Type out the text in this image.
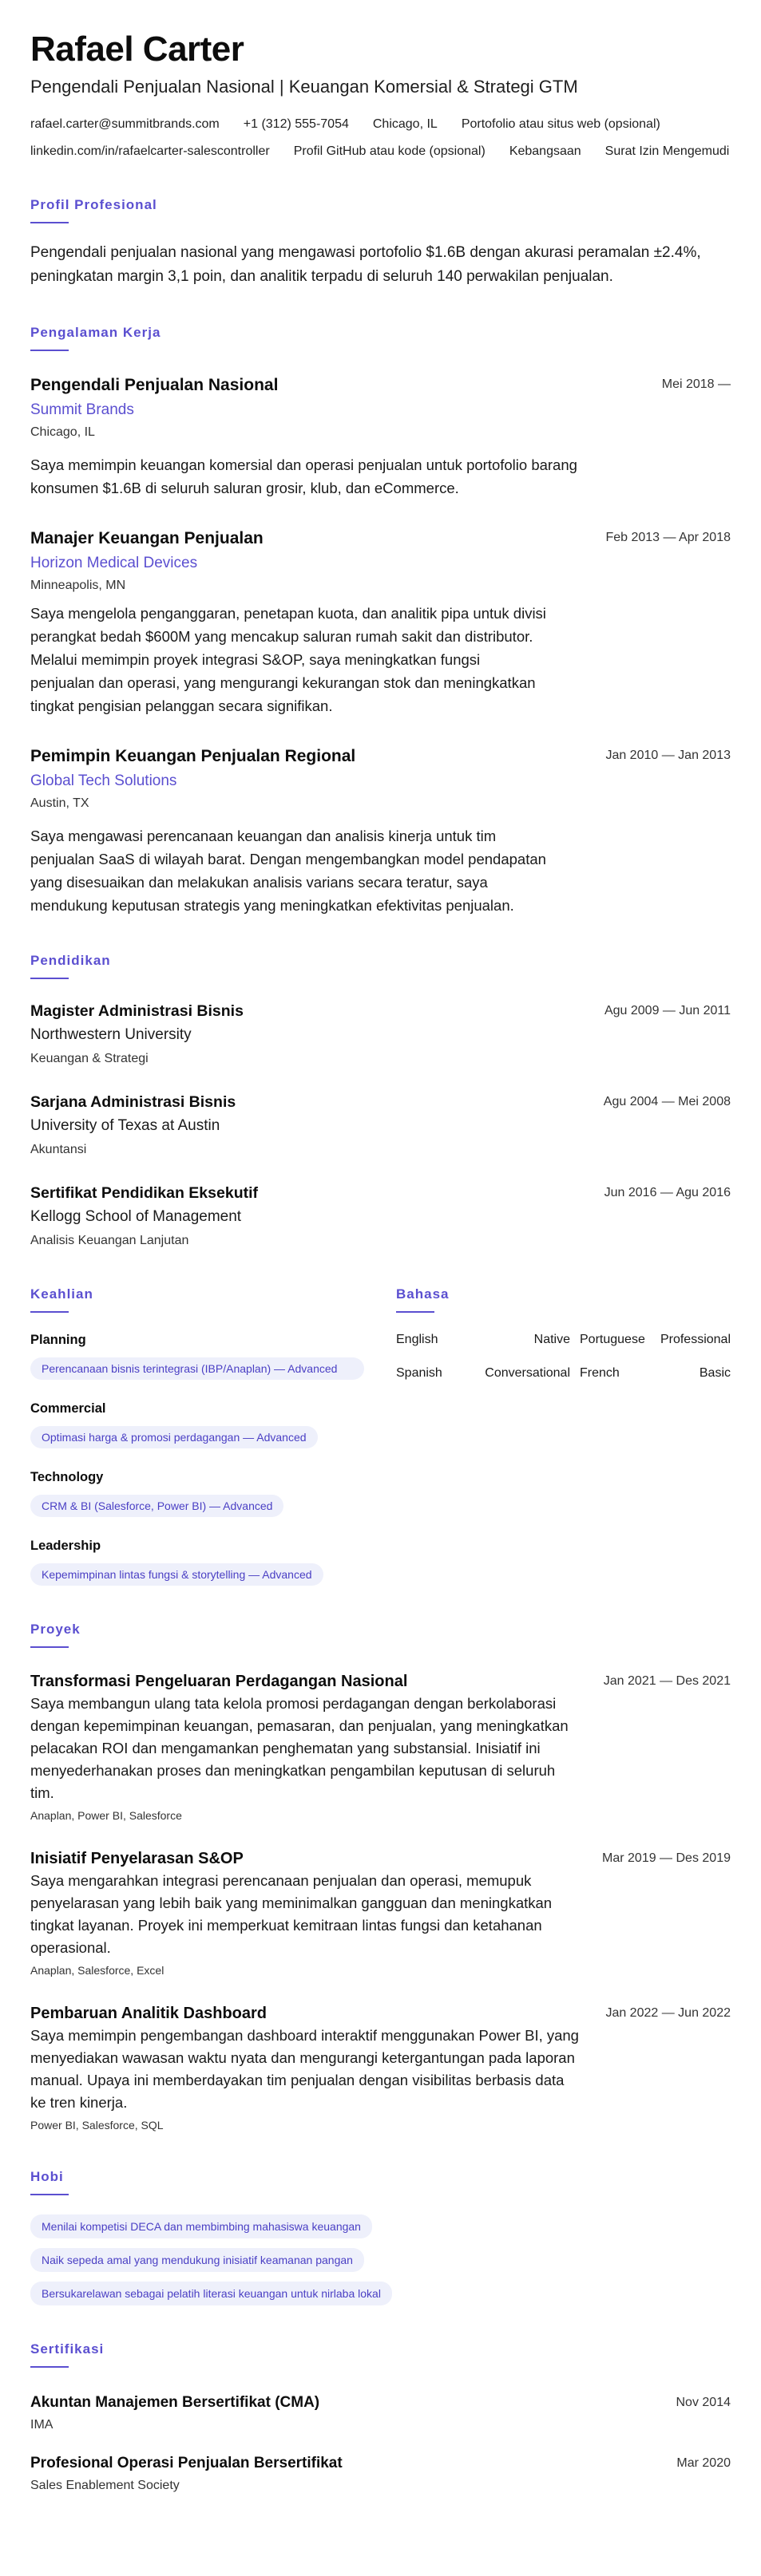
Rafael Carter
Pengendali Penjualan Nasional | Keuangan Komersial & Strategi GTM
rafael.carter@summitbrands.com +1 (312) 555-7054 Chicago, IL Portofolio atau situs web (opsional)
linkedin.com/in/rafaelcarter-salescontroller Profil GitHub atau kode (opsional) Kebangsaan Surat Izin Mengemudi
Profil Profesional

Pengendali penjualan nasional yang mengawasi portofolio $1.6B dengan akurasi peramalan ±2.4%, peningkatan margin 3,1 poin, dan analitik terpadu di seluruh 140 perwakilan penjualan.

Pengalaman Kerja
Pengendali Penjualan Nasional	Mei 2018 —
Summit Brands
Chicago, IL

Saya memimpin keuangan komersial dan operasi penjualan untuk portofolio barang konsumen $1.6B di seluruh saluran grosir, klub, dan eCommerce.

Manajer Keuangan Penjualan	Feb 2013 — Apr 2018
Horizon Medical Devices
Minneapolis, MN

Saya mengelola penganggaran, penetapan kuota, dan analitik pipa untuk divisi perangkat bedah $600M yang mencakup saluran rumah sakit dan distributor. Melalui memimpin proyek integrasi S&OP, saya meningkatkan fungsi penjualan dan operasi, yang mengurangi kekurangan stok dan meningkatkan tingkat pengisian pelanggan secara signifikan.

Pemimpin Keuangan Penjualan Regional	Jan 2010 — Jan 2013
Global Tech Solutions
Austin, TX

Saya mengawasi perencanaan keuangan dan analisis kinerja untuk tim penjualan SaaS di wilayah barat. Dengan mengembangkan model pendapatan yang disesuaikan dan melakukan analisis varians secara teratur, saya mendukung keputusan strategis yang meningkatkan efektivitas penjualan.

Pendidikan
Magister Administrasi Bisnis	Agu 2009 — Jun 2011
Northwestern University
Keuangan & Strategi
Sarjana Administrasi Bisnis	Agu 2004 — Mei 2008
University of Texas at Austin
Akuntansi
Sertifikat Pendidikan Eksekutif	Jun 2016 — Agu 2016
Kellogg School of Management
Analisis Keuangan Lanjutan
Keahlian
Planning
Perencanaan bisnis terintegrasi (IBP/Anaplan) — Advanced
Commercial
Optimasi harga & promosi perdagangan — Advanced
Technology
CRM & BI (Salesforce, Power BI) — Advanced
Leadership
Kepemimpinan lintas fungsi & storytelling — Advanced
Bahasa
English	Native Portuguese	Professional
Spanish	Conversational French	Basic
Proyek
Transformasi Pengeluaran Perdagangan Nasional	Jan 2021 — Des 2021

Saya membangun ulang tata kelola promosi perdagangan dengan berkolaborasi dengan kepemimpinan keuangan, pemasaran, dan penjualan, yang meningkatkan pelacakan ROI dan mengamankan penghematan yang substansial. Inisiatif ini menyederhanakan proses dan meningkatkan pengambilan keputusan di seluruh tim.

Anaplan, Power BI, Salesforce
Inisiatif Penyelarasan S&OP	Mar 2019 — Des 2019

Saya mengarahkan integrasi perencanaan penjualan dan operasi, memupuk penyelarasan yang lebih baik yang meminimalkan gangguan dan meningkatkan tingkat layanan. Proyek ini memperkuat kemitraan lintas fungsi dan ketahanan operasional.

Anaplan, Salesforce, Excel
Pembaruan Analitik Dashboard	Jan 2022 — Jun 2022

Saya memimpin pengembangan dashboard interaktif menggunakan Power BI, yang menyediakan wawasan waktu nyata dan mengurangi ketergantungan pada laporan manual. Upaya ini memberdayakan tim penjualan dengan visibilitas berbasis data ke tren kinerja.

Power BI, Salesforce, SQL
Hobi
Menilai kompetisi DECA dan membimbing mahasiswa keuangan
Naik sepeda amal yang mendukung inisiatif keamanan pangan
Bersukarelawan sebagai pelatih literasi keuangan untuk nirlaba lokal
Sertifikasi
Akuntan Manajemen Bersertifikat (CMA)	Nov 2014
IMA
Profesional Operasi Penjualan Bersertifikat	Mar 2020
Sales Enablement Society
